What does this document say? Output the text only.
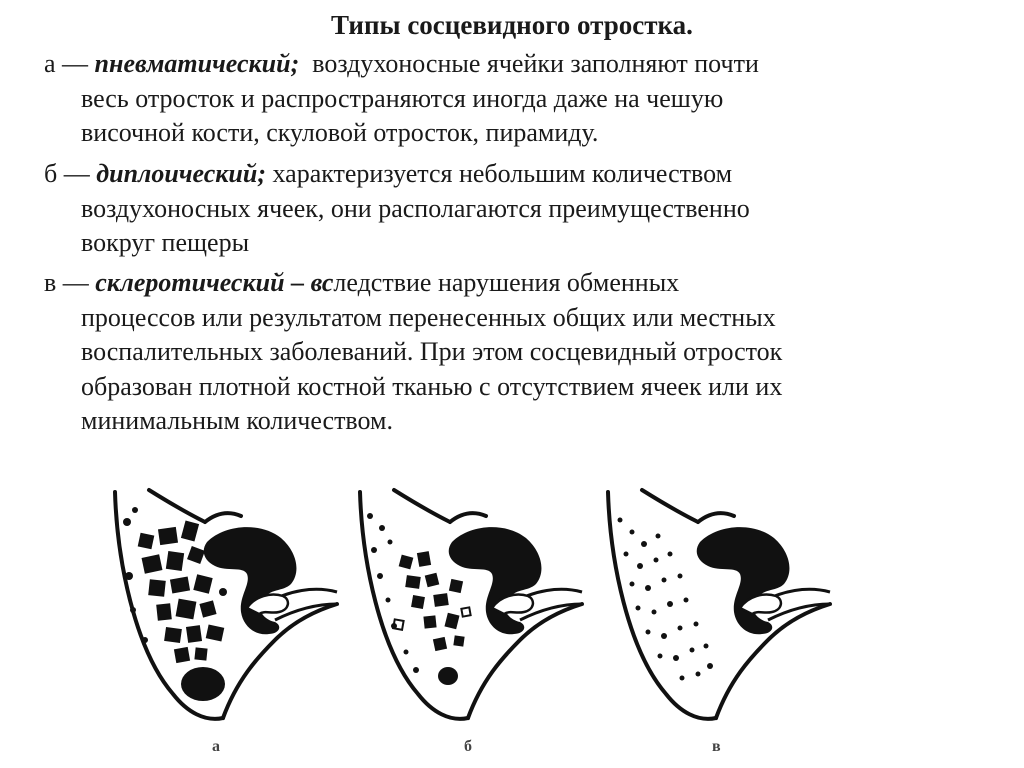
Типы сосцевидного отростка.
а — пневматический; воздухоносные ячейки заполняют почти
весь отросток и распространяются иногда даже на чешую
височной кости, скуловой отросток, пирамиду.
б — диплоический; характеризуется небольшим количеством
воздухоносных ячеек, они располагаются преимущественно
вокруг пещеры
в — склеротический – вследствие нарушения обменных
процессов или результатом перенесенных общих или местных
воспалительных заболеваний. При этом сосцевидный отросток
образован плотной костной тканью с отсутствием ячеек или их
минимальным количеством.
а	б	в
